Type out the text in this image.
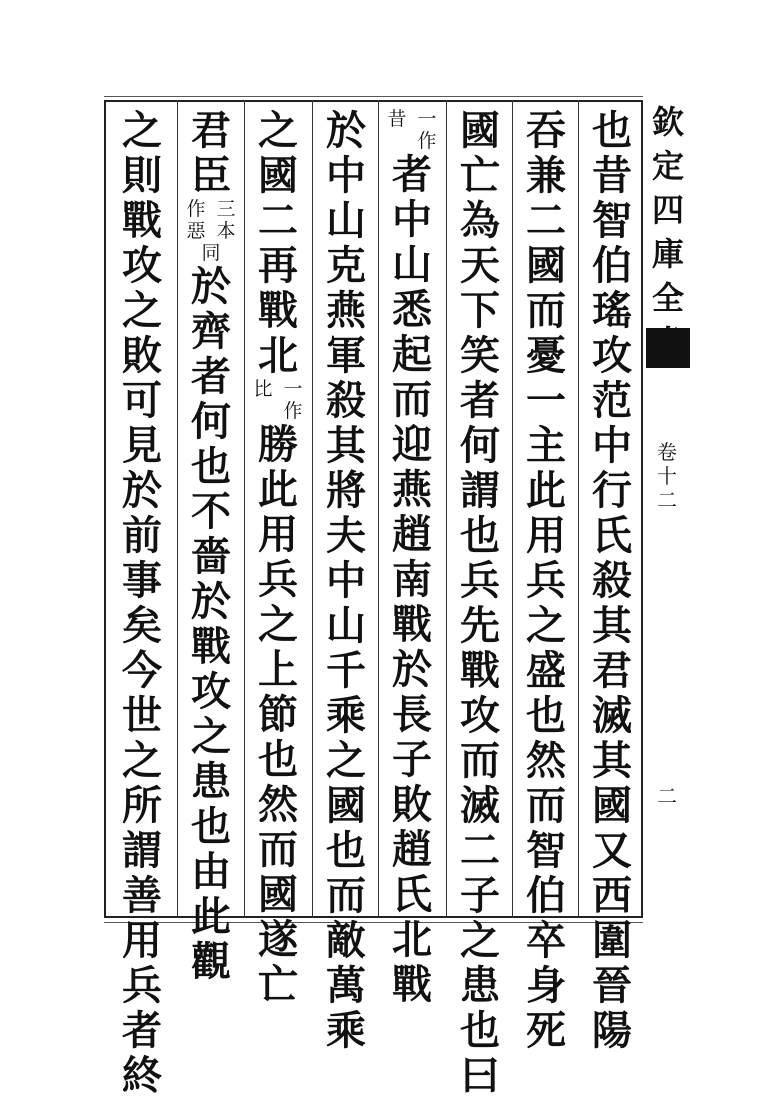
也
昔
智
伯
瑤
攻
范
中
行
氏
殺
其
君
滅
其
國
又
西
圍
晉
陽
吞
兼
二
國
而
憂
一
主
此
用
兵
之
盛
也
然
而
智
伯
卒
身
死
國
亡
為
天
下
笑
者
何
謂
也
兵
先
戰
攻
而
滅
二
子
之
患
也
曰
一
作
昔
者
中
山
悉
起
而
迎
燕
趙
南
戰
於
長
子
敗
趙
氏
北
戰
於
中
山
克
燕
軍
殺
其
將
夫
中
山
千
乘
之
國
也
而
敵
萬
乘
之
國
二
再
戰
北
一
作
比
勝
此
用
兵
之
上
節
也
然
而
國
遂
亡
君
臣
三
本
作
惡
同
於
齊
者
何
也
不
嗇
於
戰
攻
之
患
也
由
此
觀
之
則
戰
攻
之
敗
可
見
於
前
事
矣
今
世
之
所
謂
善
用
兵
者
終
欽
定
四
庫
全
卷
十
二
二
